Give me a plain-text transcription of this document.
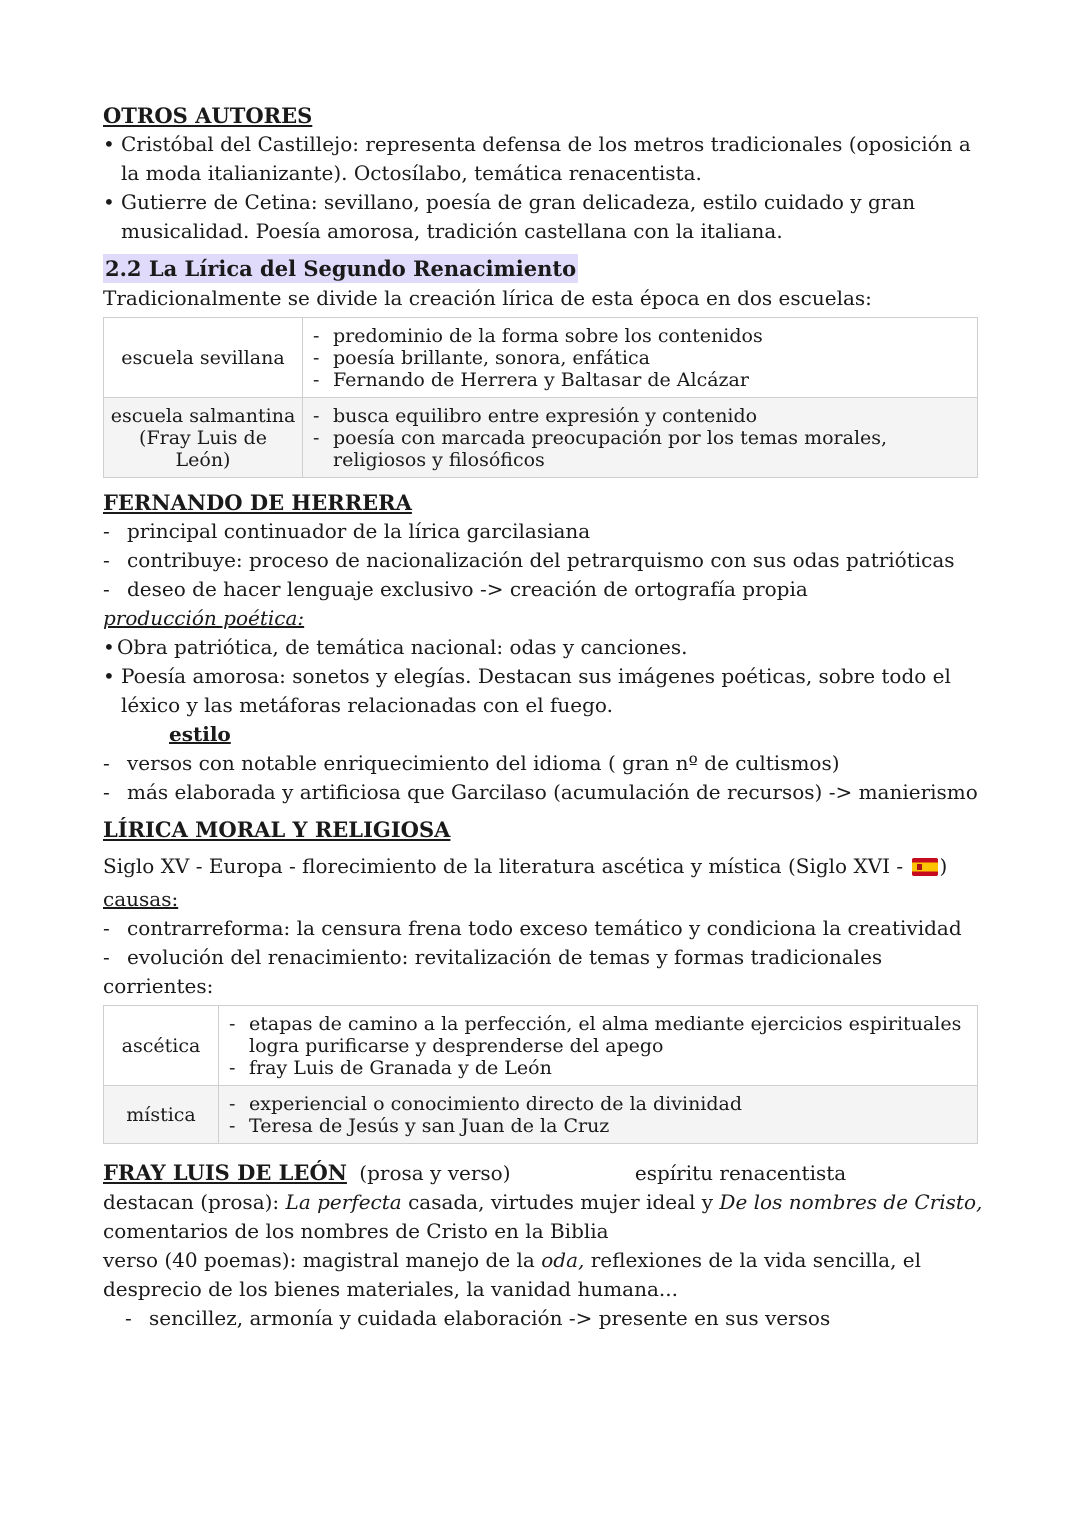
OTROS AUTORES

• Cristóbal del Castillejo: representa defensa de los metros tradicionales (oposición a la moda italianizante). Octosílabo, temática renacentista.

• Gutierre de Cetina: sevillano, poesía de gran delicadeza, estilo cuidado y gran musicalidad. Poesía amorosa, tradición castellana con la italiana.

2.2 La Lírica del Segundo Renacimiento

Tradicionalmente se divide la creación lírica de esta época en dos escuelas:

escuela sevillana	- predominio de la forma sobre los contenidos
- poesía brillante, sonora, enfática
- Fernando de Herrera y Baltasar de Alcázar

escuela salmantina (Fray Luis de León)	- busca equilibro entre expresión y contenido
- poesía con marcada preocupación por los temas morales, religiosos y filosóficos

FERNANDO DE HERRERA

- principal continuador de la lírica garcilasiana

- contribuye: proceso de nacionalización del petrarquismo con sus odas patrióticas

- deseo de hacer lenguaje exclusivo -> creación de ortografía propia

producción poética:

• Obra patriótica, de temática nacional: odas y canciones.

• Poesía amorosa: sonetos y elegías. Destacan sus imágenes poéticas, sobre todo el léxico y las metáforas relacionadas con el fuego.

estilo

- versos con notable enriquecimiento del idioma ( gran nº de cultismos)

- más elaborada y artificiosa que Garcilaso (acumulación de recursos) -> manierismo

LÍRICA MORAL Y RELIGIOSA

Siglo XV - Europa - florecimiento de la literatura ascética y mística (Siglo XVI - )

causas:

- contrarreforma: la censura frena todo exceso temático y condiciona la creatividad

- evolución del renacimiento: revitalización de temas y formas tradicionales

corrientes:

ascética	- etapas de camino a la perfección, el alma mediante ejercicios espirituales logra purificarse y desprenderse del apego
- fray Luis de Granada y de León

mística	- experiencial o conocimiento directo de la divinidad
- Teresa de Jesús y san Juan de la Cruz

FRAY LUIS DE LEÓN (prosa y verso)	espíritu renacentista

destacan (prosa): La perfecta casada, virtudes mujer ideal y De los nombres de Cristo, comentarios de los nombres de Cristo en la Biblia

verso (40 poemas): magistral manejo de la oda, reflexiones de la vida sencilla, el desprecio de los bienes materiales, la vanidad humana...

- sencillez, armonía y cuidada elaboración -> presente en sus versos
